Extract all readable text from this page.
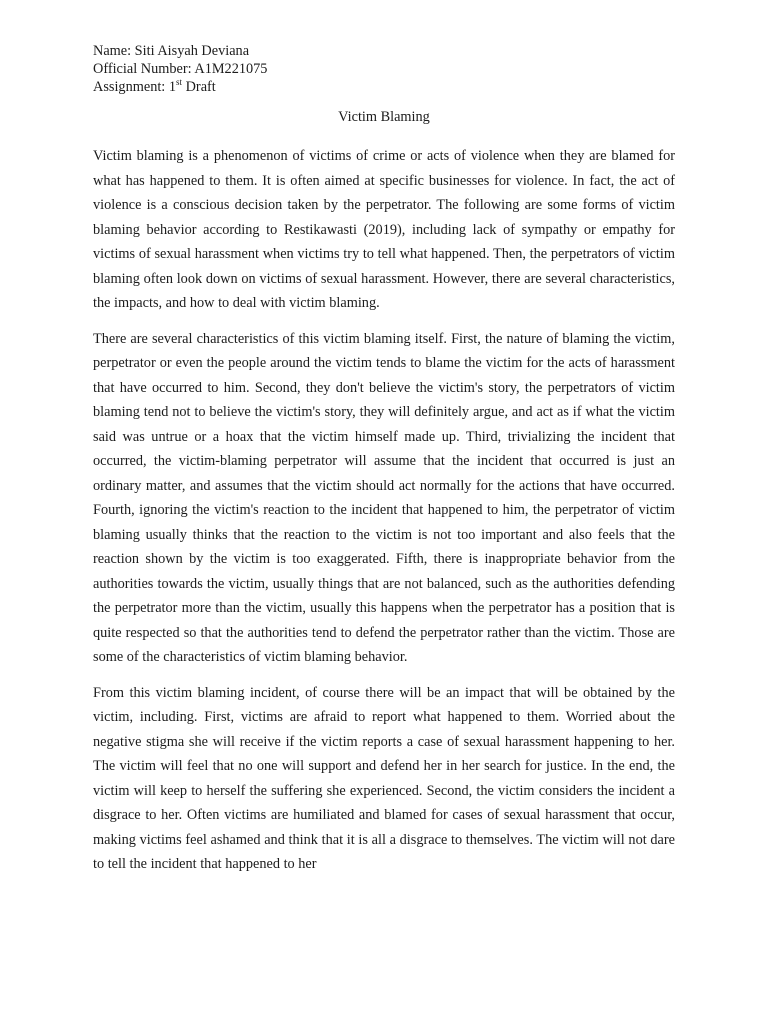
Name: Siti Aisyah Deviana
Official Number: A1M221075
Assignment: 1st Draft
Victim Blaming

Victim blaming is a phenomenon of victims of crime or acts of violence when they are blamed for what has happened to them. It is often aimed at specific businesses for violence. In fact, the act of violence is a conscious decision taken by the perpetrator. The following are some forms of victim blaming behavior according to Restikawasti (2019), including lack of sympathy or empathy for victims of sexual harassment when victims try to tell what happened. Then, the perpetrators of victim blaming often look down on victims of sexual harassment. However, there are several characteristics, the impacts, and how to deal with victim blaming.

There are several characteristics of this victim blaming itself. First, the nature of blaming the victim, perpetrator or even the people around the victim tends to blame the victim for the acts of harassment that have occurred to him. Second, they don't believe the victim's story, the perpetrators of victim blaming tend not to believe the victim's story, they will definitely argue, and act as if what the victim said was untrue or a hoax that the victim himself made up. Third, trivializing the incident that occurred, the victim-blaming perpetrator will assume that the incident that occurred is just an ordinary matter, and assumes that the victim should act normally for the actions that have occurred. Fourth, ignoring the victim's reaction to the incident that happened to him, the perpetrator of victim blaming usually thinks that the reaction to the victim is not too important and also feels that the reaction shown by the victim is too exaggerated. Fifth, there is inappropriate behavior from the authorities towards the victim, usually things that are not balanced, such as the authorities defending the perpetrator more than the victim, usually this happens when the perpetrator has a position that is quite respected so that the authorities tend to defend the perpetrator rather than the victim. Those are some of the characteristics of victim blaming behavior.

From this victim blaming incident, of course there will be an impact that will be obtained by the victim, including. First, victims are afraid to report what happened to them. Worried about the negative stigma she will receive if the victim reports a case of sexual harassment happening to her. The victim will feel that no one will support and defend her in her search for justice. In the end, the victim will keep to herself the suffering she experienced. Second, the victim considers the incident a disgrace to her. Often victims are humiliated and blamed for cases of sexual harassment that occur, making victims feel ashamed and think that it is all a disgrace to themselves. The victim will not dare to tell the incident that happened to her
